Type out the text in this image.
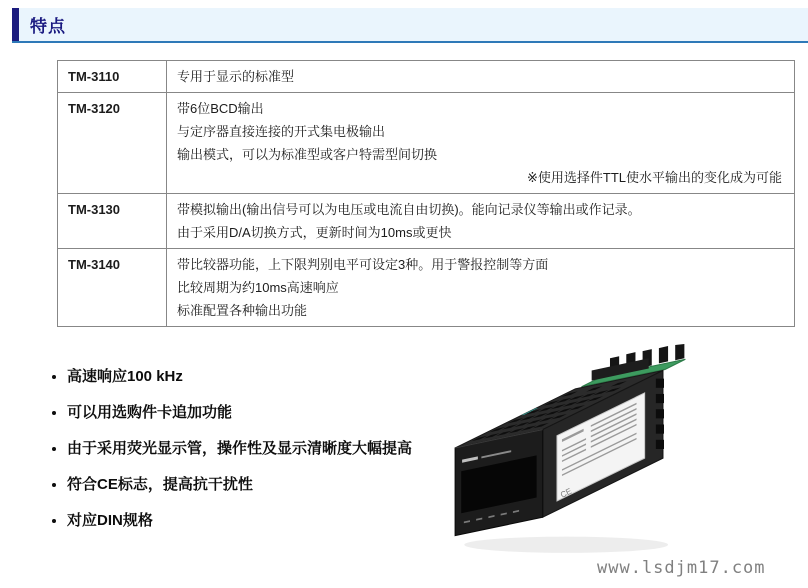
特点
TM-3110	专用于显示的标准型

TM-3120	带6位BCD输出
与定序器直接连接的开式集电极输出
输出模式，可以为标准型或客户特需型间切换
※使用选择件TTL使水平输出的变化成为可能

TM-3130	带模拟输出(输出信号可以为电压或电流自由切换)。能向记录仪等输出或作记录。
由于采用D/A切换方式，更新时间为10ms或更快

TM-3140	带比较器功能，上下限判别电平可设定3种。用于警报控制等方面
比较周期为约10ms高速响应
标准配置各种输出功能
• 高速响应100 kHz
• 可以用选购件卡追加功能
• 由于采用荧光显示管，操作性及显示清晰度大幅提高
• 符合CE标志，提高抗干扰性
• 对应DIN规格
CE
www.lsdjm17.com
